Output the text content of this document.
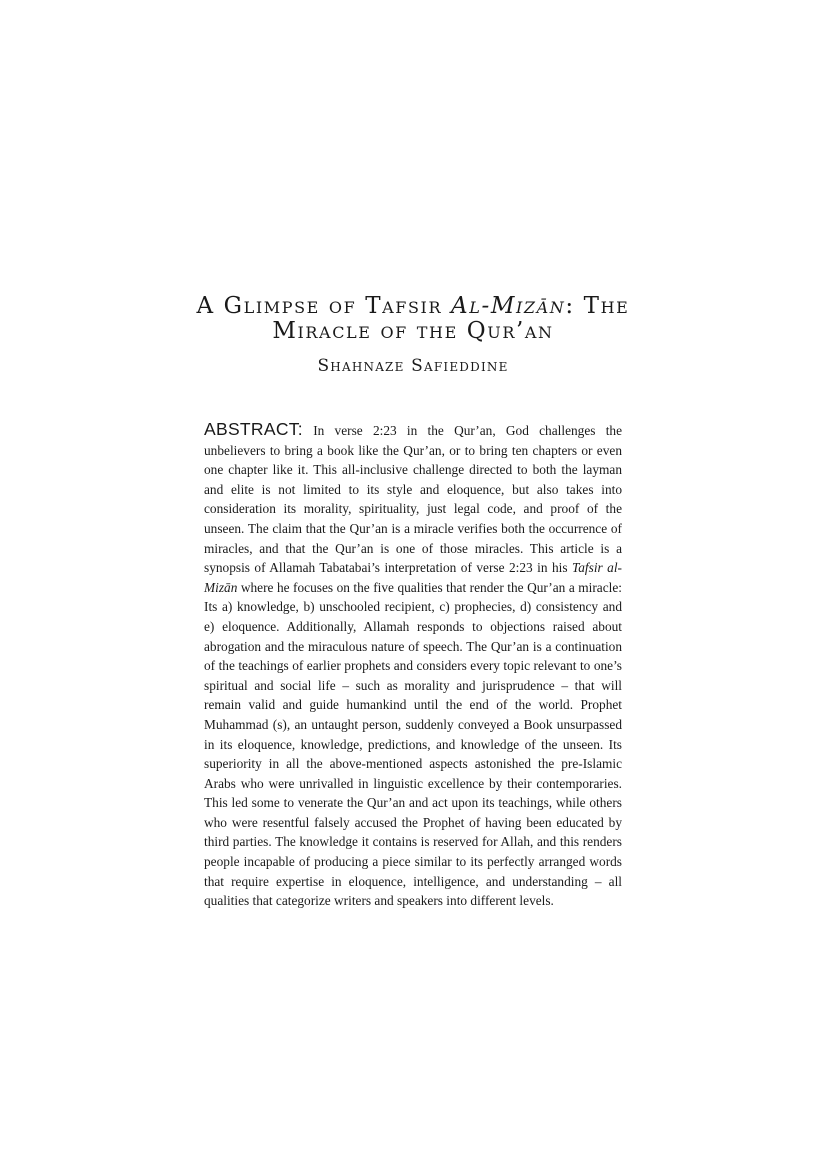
A Glimpse of Tafsir Al-Mizān: The
Miracle of the Qur’an

Shahnaze Safieddine

ABSTRACT: In verse 2:23 in the Qur’an, God challenges the unbelievers to bring a book like the Qur’an, or to bring ten chapters or even one chapter like it. This all-inclusive challenge directed to both the layman and elite is not limited to its style and eloquence, but also takes into consideration its morality, spirituality, just legal code, and proof of the unseen. The claim that the Qur’an is a miracle verifies both the occurrence of miracles, and that the Qur’an is one of those miracles. This article is a synopsis of Allamah Tabatabai’s interpretation of verse 2:23 in his Tafsir al-Mizān where he focuses on the five qualities that render the Qur’an a miracle: Its a) knowledge, b) unschooled recipient, c) prophecies, d) consistency and e) eloquence. Additionally, Allamah responds to objections raised about abrogation and the miraculous nature of speech. The Qur’an is a continuation of the teachings of earlier prophets and considers every topic relevant to one’s spiritual and social life – such as morality and jurisprudence – that will remain valid and guide humankind until the end of the world. Prophet Muhammad (s), an untaught person, suddenly conveyed a Book unsurpassed in its eloquence, knowledge, predictions, and knowledge of the unseen. Its superiority in all the above-mentioned aspects astonished the pre-Islamic Arabs who were unrivalled in linguistic excellence by their contemporaries. This led some to venerate the Qur’an and act upon its teachings, while others who were resentful falsely accused the Prophet of having been educated by third parties. The knowledge it contains is reserved for Allah, and this renders people incapable of producing a piece similar to its perfectly arranged words that require expertise in eloquence, intelligence, and understanding – all qualities that categorize writers and speakers into different levels.
